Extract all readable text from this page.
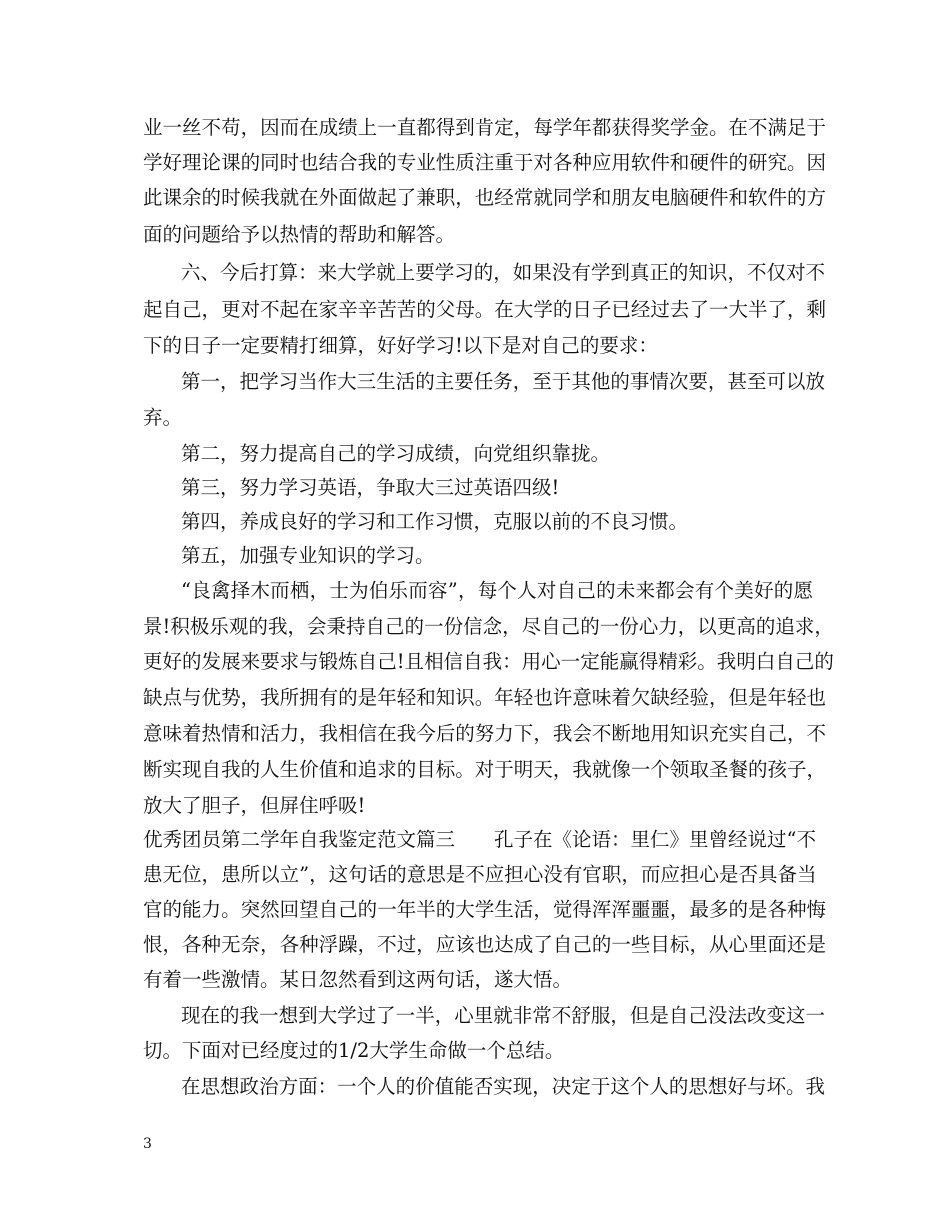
业 一 丝 不 苟 ， 因 而 在 成 绩 上 一 直 都 得 到 肯 定 ， 每 学 年 都 获 得 奖 学 金 。 在 不 满 足 于
学 好 理 论 课 的 同 时 也 结 合 我 的 专 业 性 质 注 重 于 对 各 种 应 用 软 件 和 硬 件 的 研 究 。 因
此 课 余 的 时 候 我 就 在 外 面 做 起 了 兼 职 ， 也 经 常 就 同 学 和 朋 友 电 脑 硬 件 和 软 件 的 方
面的问题给予以热情的帮助和解答。
六 、 今 后 打 算 ： 来 大 学 就 上 要 学 习 的 ， 如 果 没 有 学 到 真 正 的 知 识 ， 不 仅 对 不
起 自 己 ， 更 对 不 起 在 家 辛 辛 苦 苦 的 父 母 。 在 大 学 的 日 子 已 经 过 去 了 一 大 半 了 ， 剩
下的日子一定要精打细算，好好学习!以下是对自己的要求：
第 一 ， 把 学 习 当 作 大 三 生 活 的 主 要 任 务 ， 至 于 其 他 的 事 情 次 要 ， 甚 至 可 以 放
弃。
第二，努力提高自己的学习成绩，向党组织靠拢。
第三，努力学习英语，争取大三过英语四级!
第四，养成良好的学习和工作习惯，克服以前的不良习惯。
第五，加强专业知识的学习。
“ 良 禽 择 木 而 栖 ， 士 为 伯 乐 而 容 ” ， 每 个 人 对 自 己 的 未 来 都 会 有 个 美 好 的 愿
景 ! 积 极 乐 观 的 我 ， 会 秉 持 自 己 的 一 份 信 念 ， 尽 自 己 的 一 份 心 力 ， 以 更 高 的 追 求 ，
更 好 的 发 展 来 要 求 与 锻 炼 自 己 ! 且 相 信 自 我 ： 用 心 一 定 能 赢 得 精 彩 。 我 明 白 自 己 的
缺 点 与 优 势 ， 我 所 拥 有 的 是 年 轻 和 知 识 。 年 轻 也 许 意 味 着 欠 缺 经 验 ， 但 是 年 轻 也
意 味 着 热 情 和 活 力 ， 我 相 信 在 我 今 后 的 努 力 下 ， 我 会 不 断 地 用 知 识 充 实 自 己 ， 不
断 实 现 自 我 的 人 生 价 值 和 追 求 的 目 标 。 对 于 明 天 ， 我 就 像 一 个 领 取 圣 餐 的 孩 子 ，
放大了胆子，但屏住呼吸!
优秀团员第二学年自我鉴定范文篇三　　孔子在《论语：里仁》里曾经说过“不
患 无 位 ， 患 所 以 立 ” ， 这 句 话 的 意 思 是 不 应 担 心 没 有 官 职 ， 而 应 担 心 是 否 具 备 当
官 的 能 力 。 突 然 回 望 自 己 的 一 年 半 的 大 学 生 活 ， 觉 得 浑 浑 噩 噩 ， 最 多 的 是 各 种 悔
恨 ， 各 种 无 奈 ， 各 种 浮 躁 ， 不 过 ， 应 该 也 达 成 了 自 己 的 一 些 目 标 ， 从 心 里 面 还 是
有着一些激情。某日忽然看到这两句话，遂大悟。
现 在 的 我 一 想 到 大 学 过 了 一 半 ， 心 里 就 非 常 不 舒 服 ， 但 是 自 己 没 法 改 变 这 一
切。下面对已经度过的1/2大学生命做一个总结。
在 思 想 政 治 方 面 ： 一 个 人 的 价 值 能 否 实 现 ， 决 定 于 这 个 人 的 思 想 好 与 坏 。 我
3
